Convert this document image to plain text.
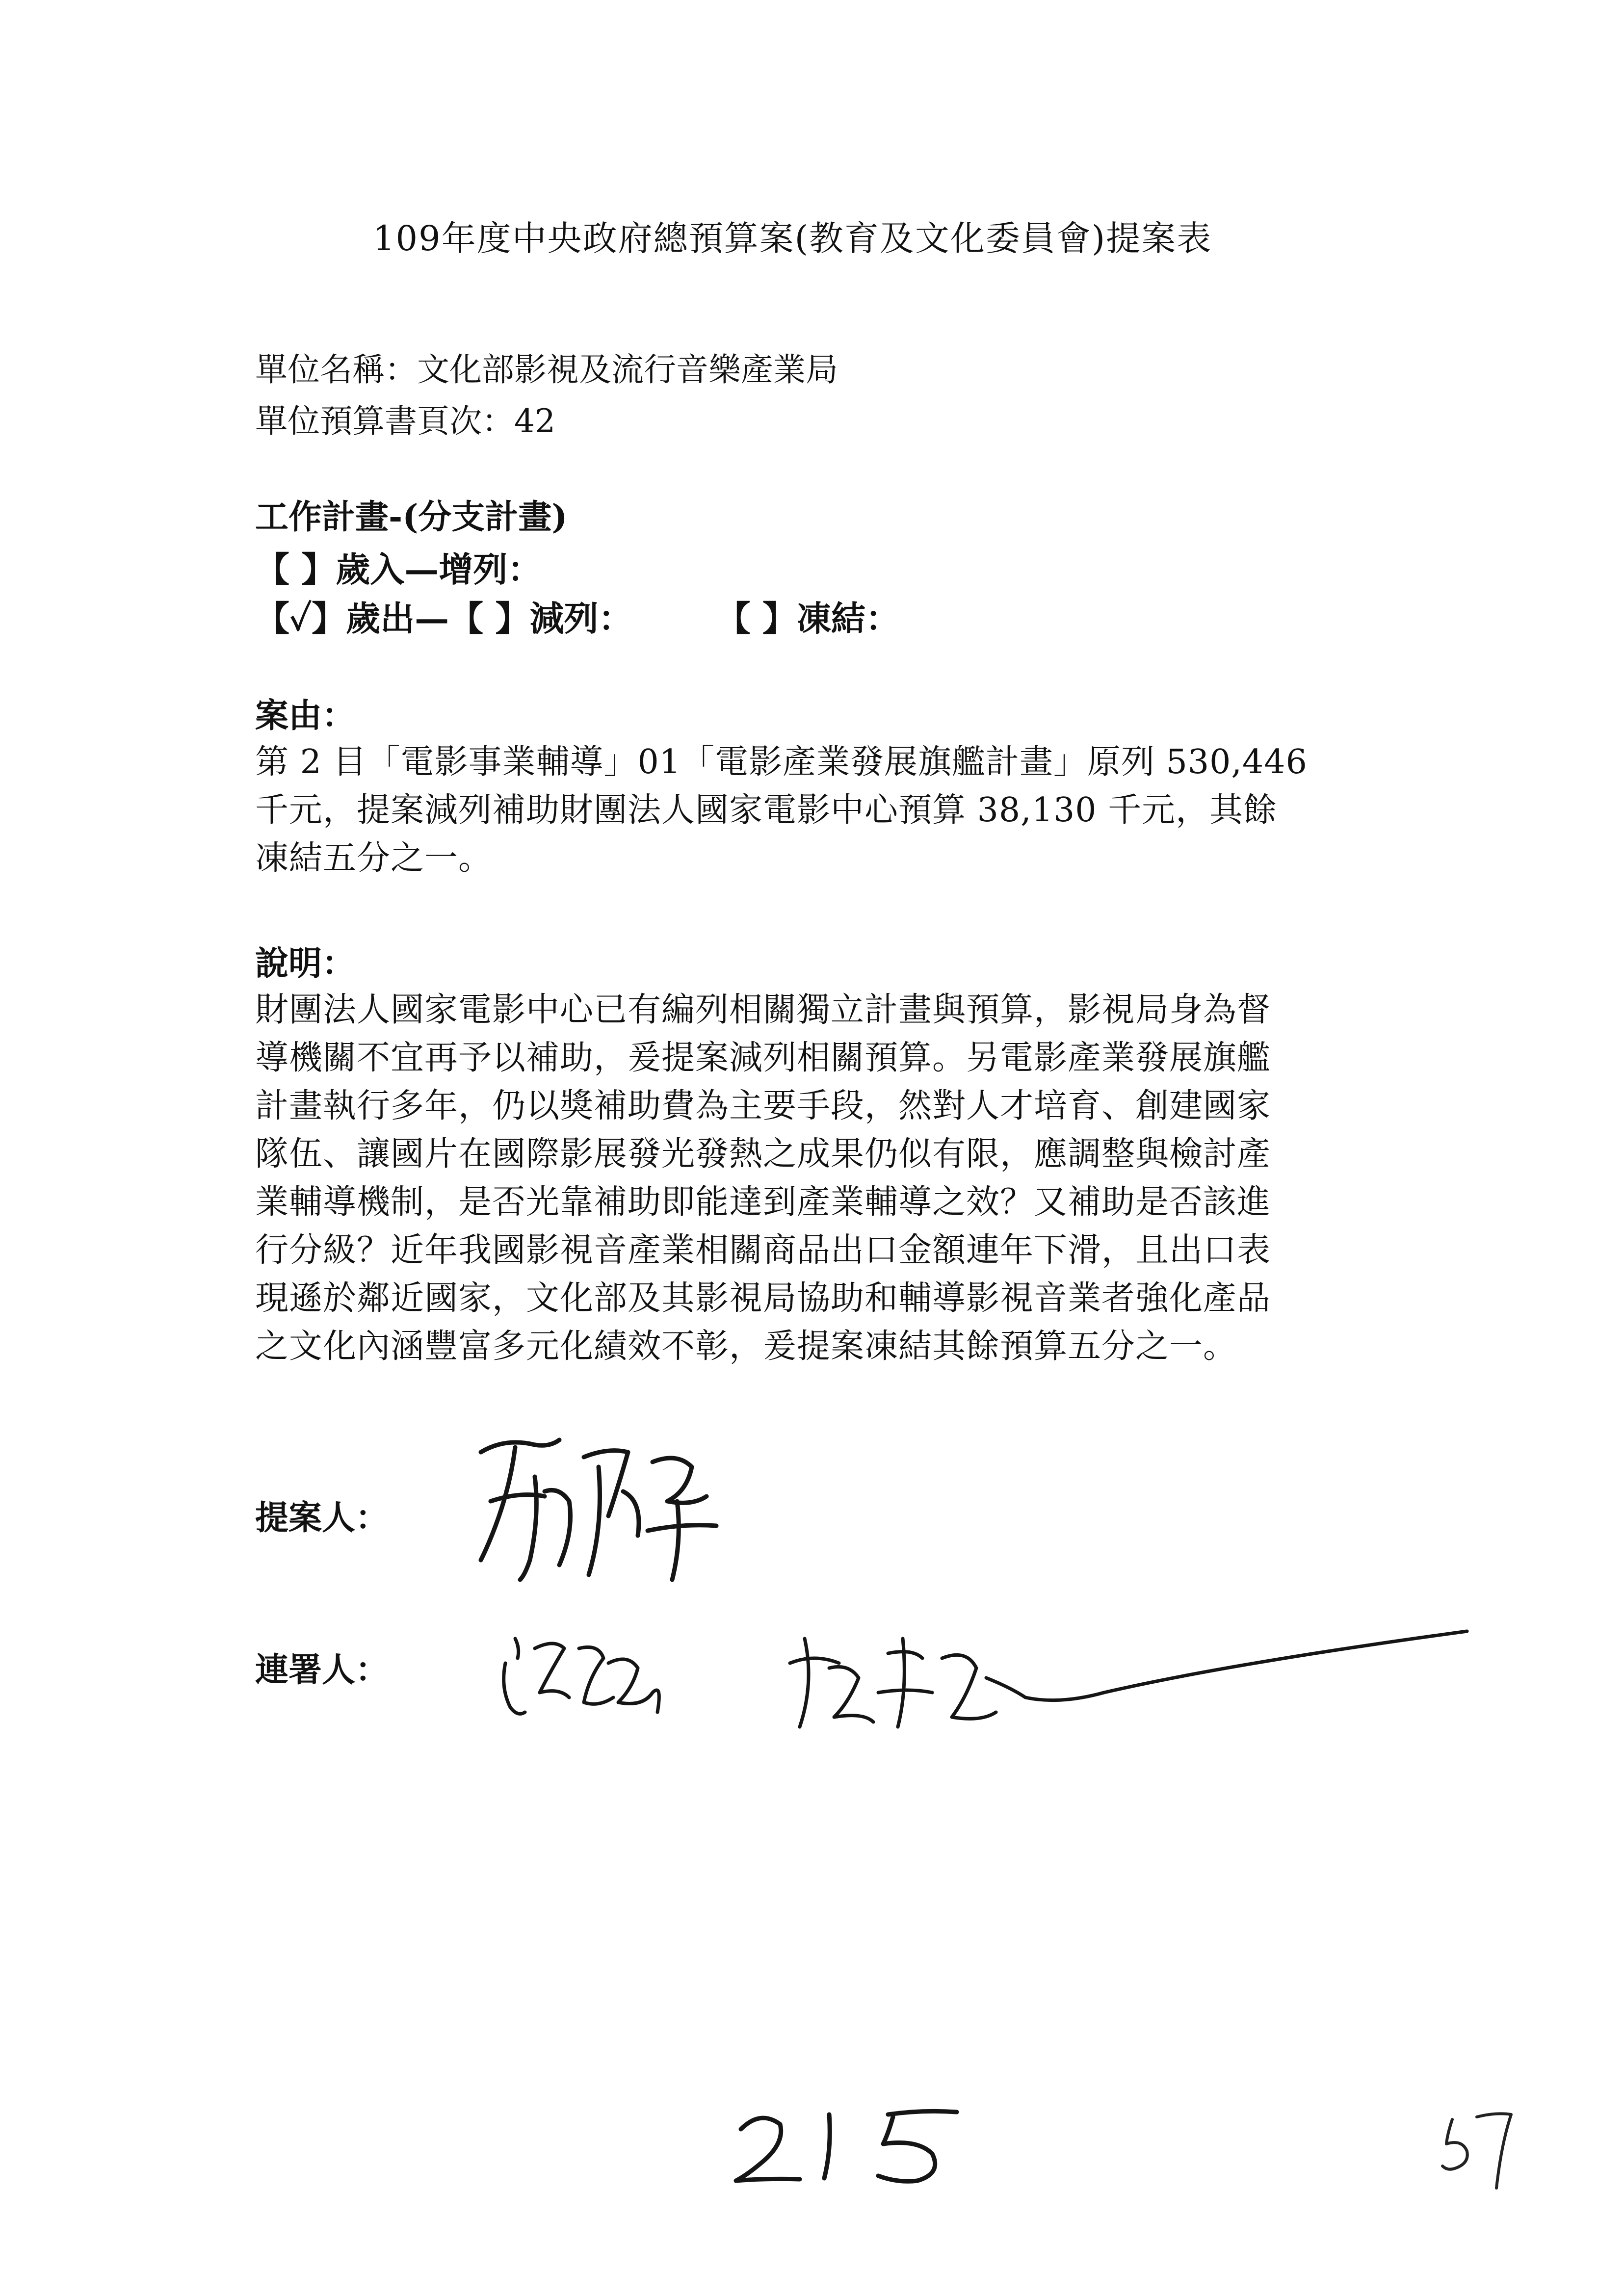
109年度中央政府總預算案(教育及文化委員會)提案表
單位名稱：文化部影視及流行音樂產業局
單位預算書頁次：42
工作計畫-(分支計畫)
【 】歲入—增列：
【✓】歲出—【 】減列： 【 】凍結：
案由：
第 2 目「電影事業輔導」01「電影產業發展旗艦計畫」原列 530,446
千元，提案減列補助財團法人國家電影中心預算 38,130 千元，其餘
凍結五分之一。
說明：
財團法人國家電影中心已有編列相關獨立計畫與預算，影視局身為督
導機關不宜再予以補助，爰提案減列相關預算。另電影產業發展旗艦
計畫執行多年，仍以獎補助費為主要手段，然對人才培育、創建國家
隊伍、讓國片在國際影展發光發熱之成果仍似有限，應調整與檢討產
業輔導機制，是否光靠補助即能達到產業輔導之效？又補助是否該進
行分級？近年我國影視音產業相關商品出口金額連年下滑，且出口表
現遜於鄰近國家，文化部及其影視局協助和輔導影視音業者強化產品
之文化內涵豐富多元化績效不彰，爰提案凍結其餘預算五分之一。
提案人：
連署人：
